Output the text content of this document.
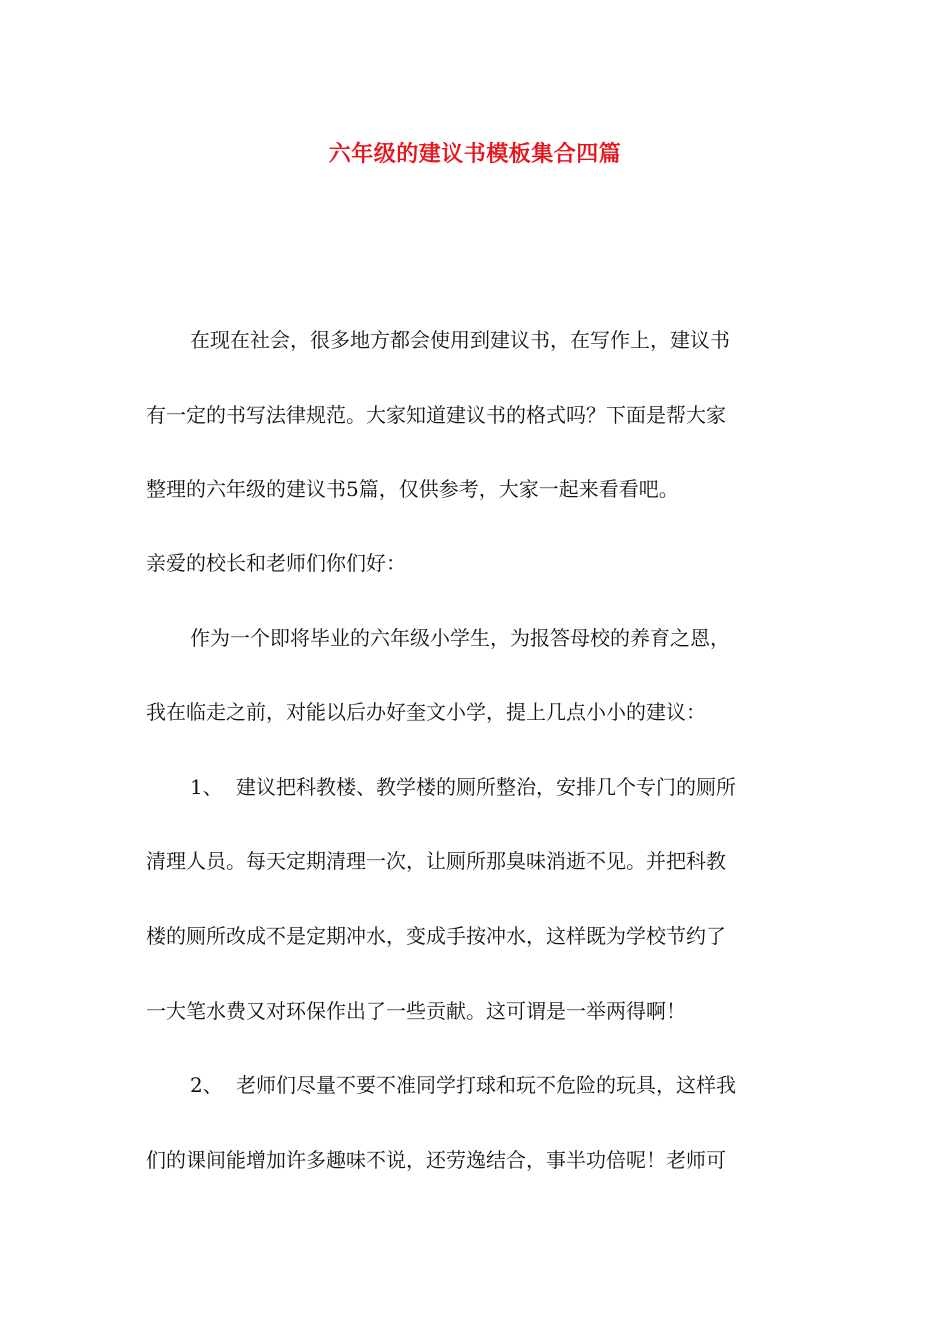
六年级的建议书模板集合四篇
在现在社会，很多地方都会使用到建议书，在写作上，建议书
有一定的书写法律规范。大家知道建议书的格式吗？下面是帮大家
整理的六年级的建议书5篇，仅供参考，大家一起来看看吧。
亲爱的校长和老师们你们好：
作为一个即将毕业的六年级小学生，为报答母校的养育之恩，
我在临走之前，对能以后办好奎文小学，提上几点小小的建议：
1、 建议把科教楼、教学楼的厕所整治，安排几个专门的厕所
清理人员。每天定期清理一次，让厕所那臭味消逝不见。并把科教
楼的厕所改成不是定期冲水，变成手按冲水，这样既为学校节约了
一大笔水费又对环保作出了一些贡献。这可谓是一举两得啊！
2、 老师们尽量不要不准同学打球和玩不危险的玩具，这样我
们的课间能增加许多趣味不说，还劳逸结合，事半功倍呢！老师可
